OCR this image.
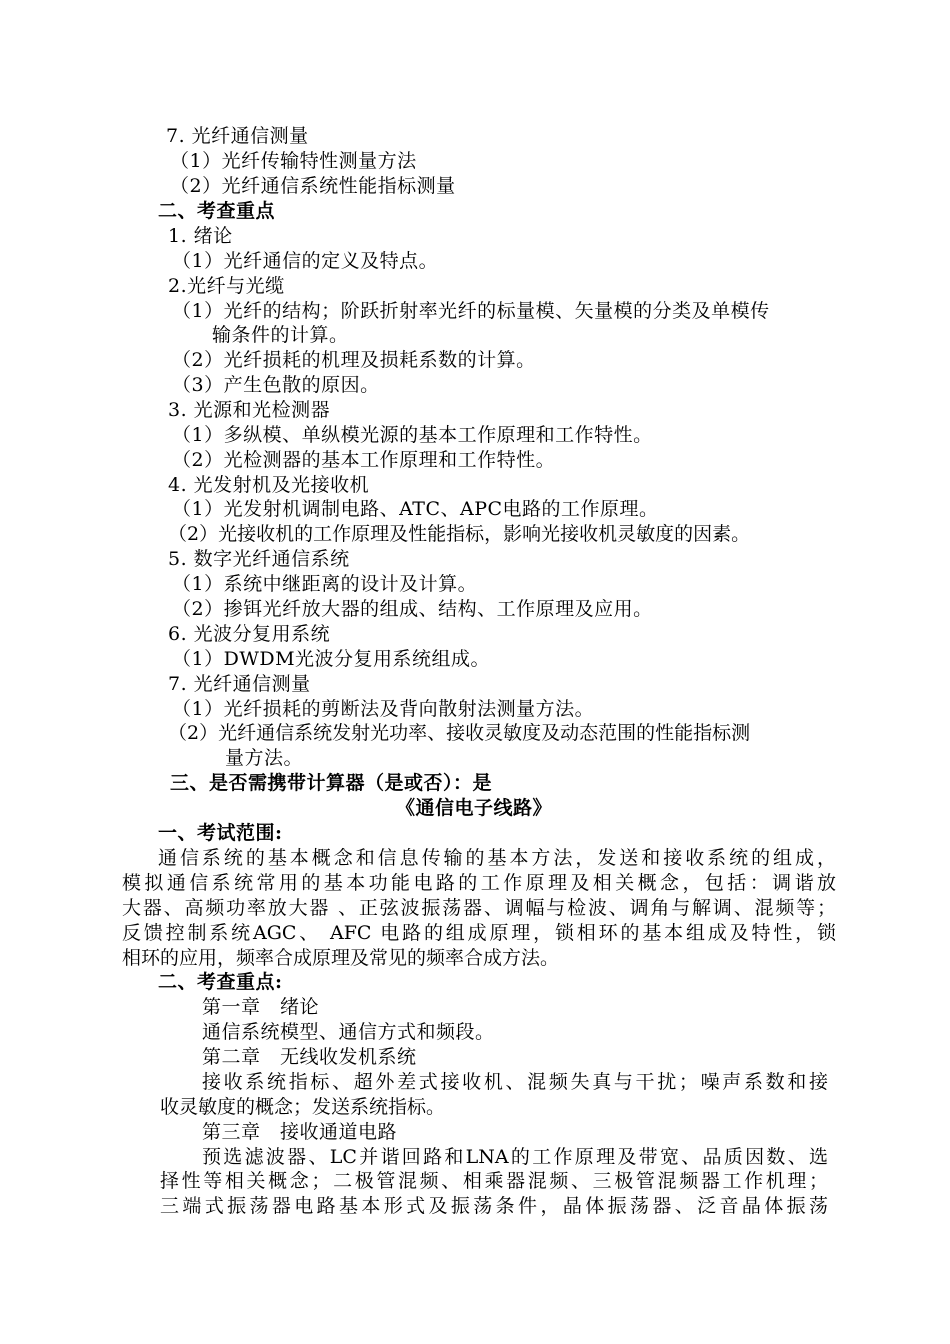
7. 光纤通信测量
（1）光纤传输特性测量方法
（2）光纤通信系统性能指标测量
二、考查重点
1. 绪论
（1）光纤通信的定义及特点。
2.光纤与光缆
（1）光纤的结构；阶跃折射率光纤的标量模、矢量模的分类及单模传
输条件的计算。
（2）光纤损耗的机理及损耗系数的计算。
（3）产生色散的原因。
3. 光源和光检测器
（1）多纵模、单纵模光源的基本工作原理和工作特性。
（2）光检测器的基本工作原理和工作特性。
4. 光发射机及光接收机
（1）光发射机调制电路、ATC、APC电路的工作原理。
（2）光接收机的工作原理及性能指标，影响光接收机灵敏度的因素。
5. 数字光纤通信系统
（1）系统中继距离的设计及计算。
（2）掺铒光纤放大器的组成、结构、工作原理及应用。
6. 光波分复用系统
（1）DWDM光波分复用系统组成。
7. 光纤通信测量
（1）光纤损耗的剪断法及背向散射法测量方法。
（2）光纤通信系统发射光功率、接收灵敏度及动态范围的性能指标测
量方法。
三、是否需携带计算器（是或否）：是
《通信电子线路》
一、考试范围:
通信系统的基本概念和信息传输的基本方法，发送和接收系统的组成，
模拟通信系统常用的基本功能电路的工作原理及相关概念，包括：调谐放
大器、高频功率放大器 、正弦波振荡器、调幅与检波、调角与解调、混频等；
反馈控制系统AGC、 AFC 电路的组成原理，锁相环的基本组成及特性，锁
相环的应用，频率合成原理及常见的频率合成方法。
二、考查重点:
第一章　绪论
通信系统模型、通信方式和频段。
第二章　无线收发机系统
接收系统指标、超外差式接收机、混频失真与干扰；噪声系数和接
收灵敏度的概念；发送系统指标。
第三章　接收通道电路
预选滤波器、LC并谐回路和LNA的工作原理及带宽、品质因数、选
择性等相关概念；二极管混频、相乘器混频、三极管混频器工作机理；
三端式振荡器电路基本形式及振荡条件，晶体振荡器、泛音晶体振荡
